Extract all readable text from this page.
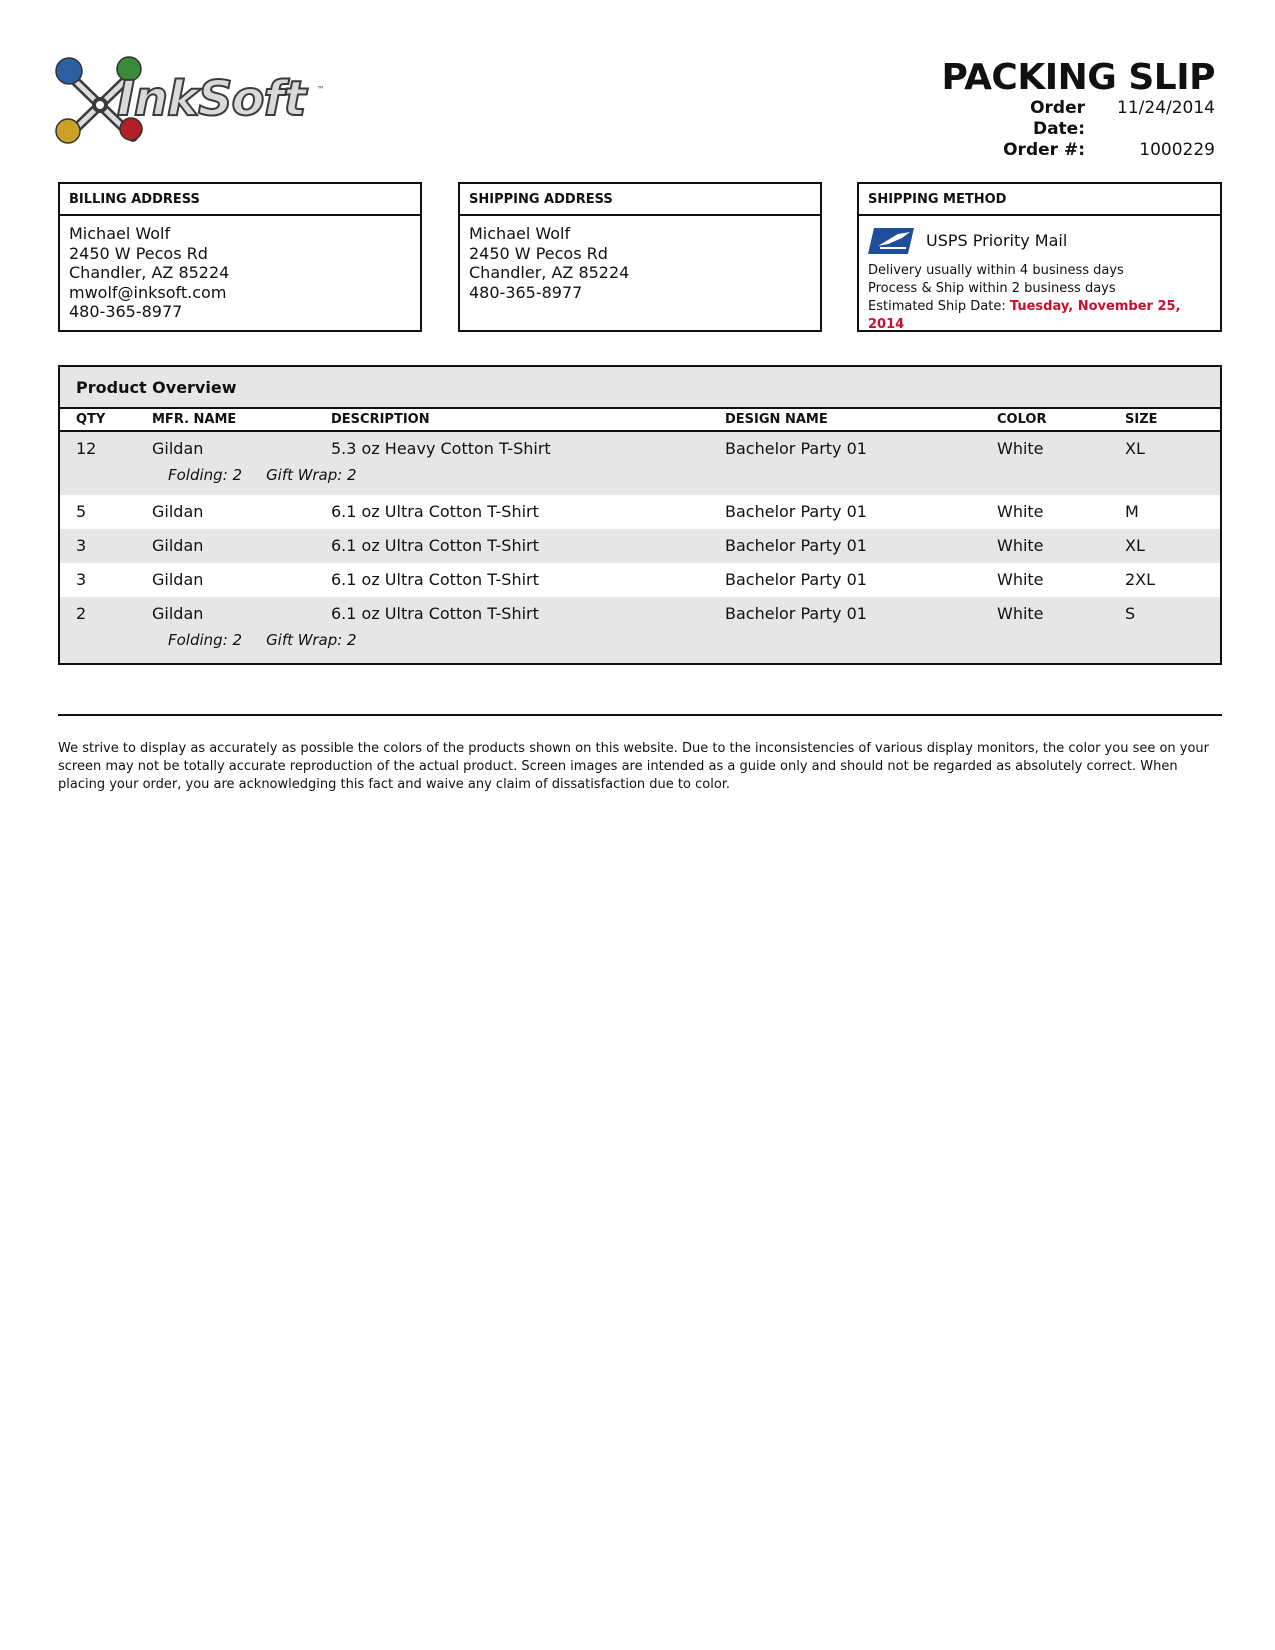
InkSoft ™	PACKING SLIP
Order Date:
11/24/2014
Order #:	1000229
BILLING ADDRESS
Michael Wolf
2450 W Pecos Rd
Chandler, AZ 85224
mwolf@inksoft.com
480-365-8977
SHIPPING ADDRESS
Michael Wolf
2450 W Pecos Rd
Chandler, AZ 85224
480-365-8977
SHIPPING METHOD
USPS Priority Mail
Delivery usually within 4 business days
Process & Ship within 2 business days
Estimated Ship Date: Tuesday, November 25, 2014
Product Overview
QTY	MFR. NAME	DESCRIPTION	DESIGN NAME	COLOR	SIZE
12	Gildan	5.3 oz Heavy Cotton T-Shirt	Bachelor Party 01	White	XL
Folding: 2 Gift Wrap: 2
5	Gildan	6.1 oz Ultra Cotton T-Shirt	Bachelor Party 01	White	M
3	Gildan	6.1 oz Ultra Cotton T-Shirt	Bachelor Party 01	White	XL
3	Gildan	6.1 oz Ultra Cotton T-Shirt	Bachelor Party 01	White	2XL
2	Gildan	6.1 oz Ultra Cotton T-Shirt	Bachelor Party 01	White	S
Folding: 2 Gift Wrap: 2
We strive to display as accurately as possible the colors of the products shown on this website. Due to the inconsistencies of various display monitors, the color you see on your screen may not be totally accurate reproduction of the actual product. Screen images are intended as a guide only and should not be regarded as absolutely correct. When placing your order, you are acknowledging this fact and waive any claim of dissatisfaction due to color.
